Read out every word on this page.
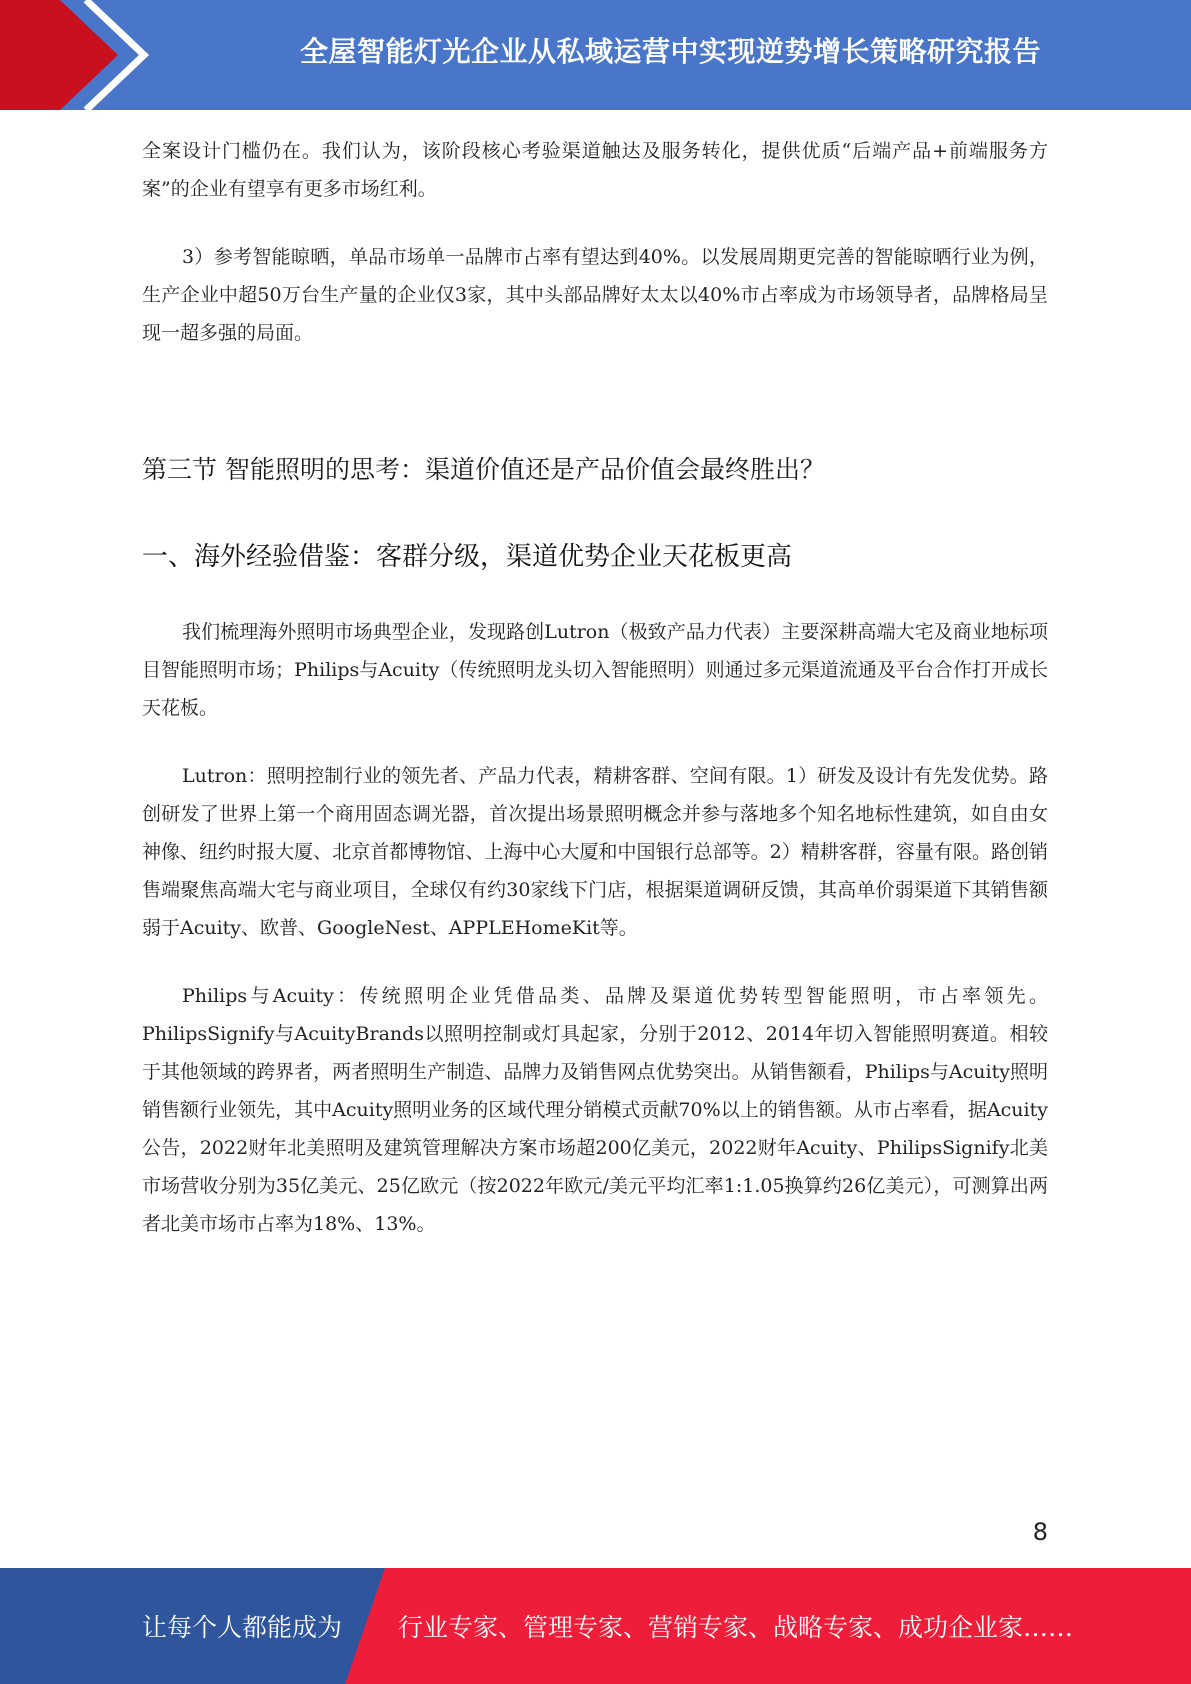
全屋智能灯光企业从私域运营中实现逆势增长策略研究报告

全案设计门槛仍在。我们认为，该阶段核心考验渠道触达及服务转化，提供优质“后端产品+前端服务方案”的企业有望享有更多市场红利。

3）参考智能晾晒，单品市场单一品牌市占率有望达到40%。以发展周期更完善的智能晾晒行业为例，生产企业中超50万台生产量的企业仅3家，其中头部品牌好太太以40%市占率成为市场领导者，品牌格局呈现一超多强的局面。

第三节 智能照明的思考：渠道价值还是产品价值会最终胜出？
一、海外经验借鉴：客群分级，渠道优势企业天花板更高

我们梳理海外照明市场典型企业，发现路创Lutron（极致产品力代表）主要深耕高端大宅及商业地标项目智能照明市场；Philips与Acuity（传统照明龙头切入智能照明）则通过多元渠道流通及平台合作打开成长天花板。

Lutron：照明控制行业的领先者、产品力代表，精耕客群、空间有限。1）研发及设计有先发优势。路创研发了世界上第一个商用固态调光器，首次提出场景照明概念并参与落地多个知名地标性建筑，如自由女神像、纽约时报大厦、北京首都博物馆、上海中心大厦和中国银行总部等。2）精耕客群，容量有限。路创销售端聚焦高端大宅与商业项目，全球仅有约30家线下门店，根据渠道调研反馈，其高单价弱渠道下其销售额弱于Acuity、欧普、GoogleNest、APPLEHomeKit等。

Philips与Acuity：传统照明企业凭借品类、品牌及渠道优势转型智能照明，市占率领先。PhilipsSignify与AcuityBrands以照明控制或灯具起家，分别于2012、2014年切入智能照明赛道。相较于其他领域的跨界者，两者照明生产制造、品牌力及销售网点优势突出。从销售额看，Philips与Acuity照明销售额行业领先，其中Acuity照明业务的区域代理分销模式贡献70%以上的销售额。从市占率看，据Acuity公告，2022财年北美照明及建筑管理解决方案市场超200亿美元，2022财年Acuity、PhilipsSignify北美市场营收分别为35亿美元、25亿欧元（按2022年欧元/美元平均汇率1:1.05换算约26亿美元），可测算出两者北美市场市占率为18%、13%。

8
让每个人都能成为 行业专家、管理专家、营销专家、战略专家、成功企业家……
